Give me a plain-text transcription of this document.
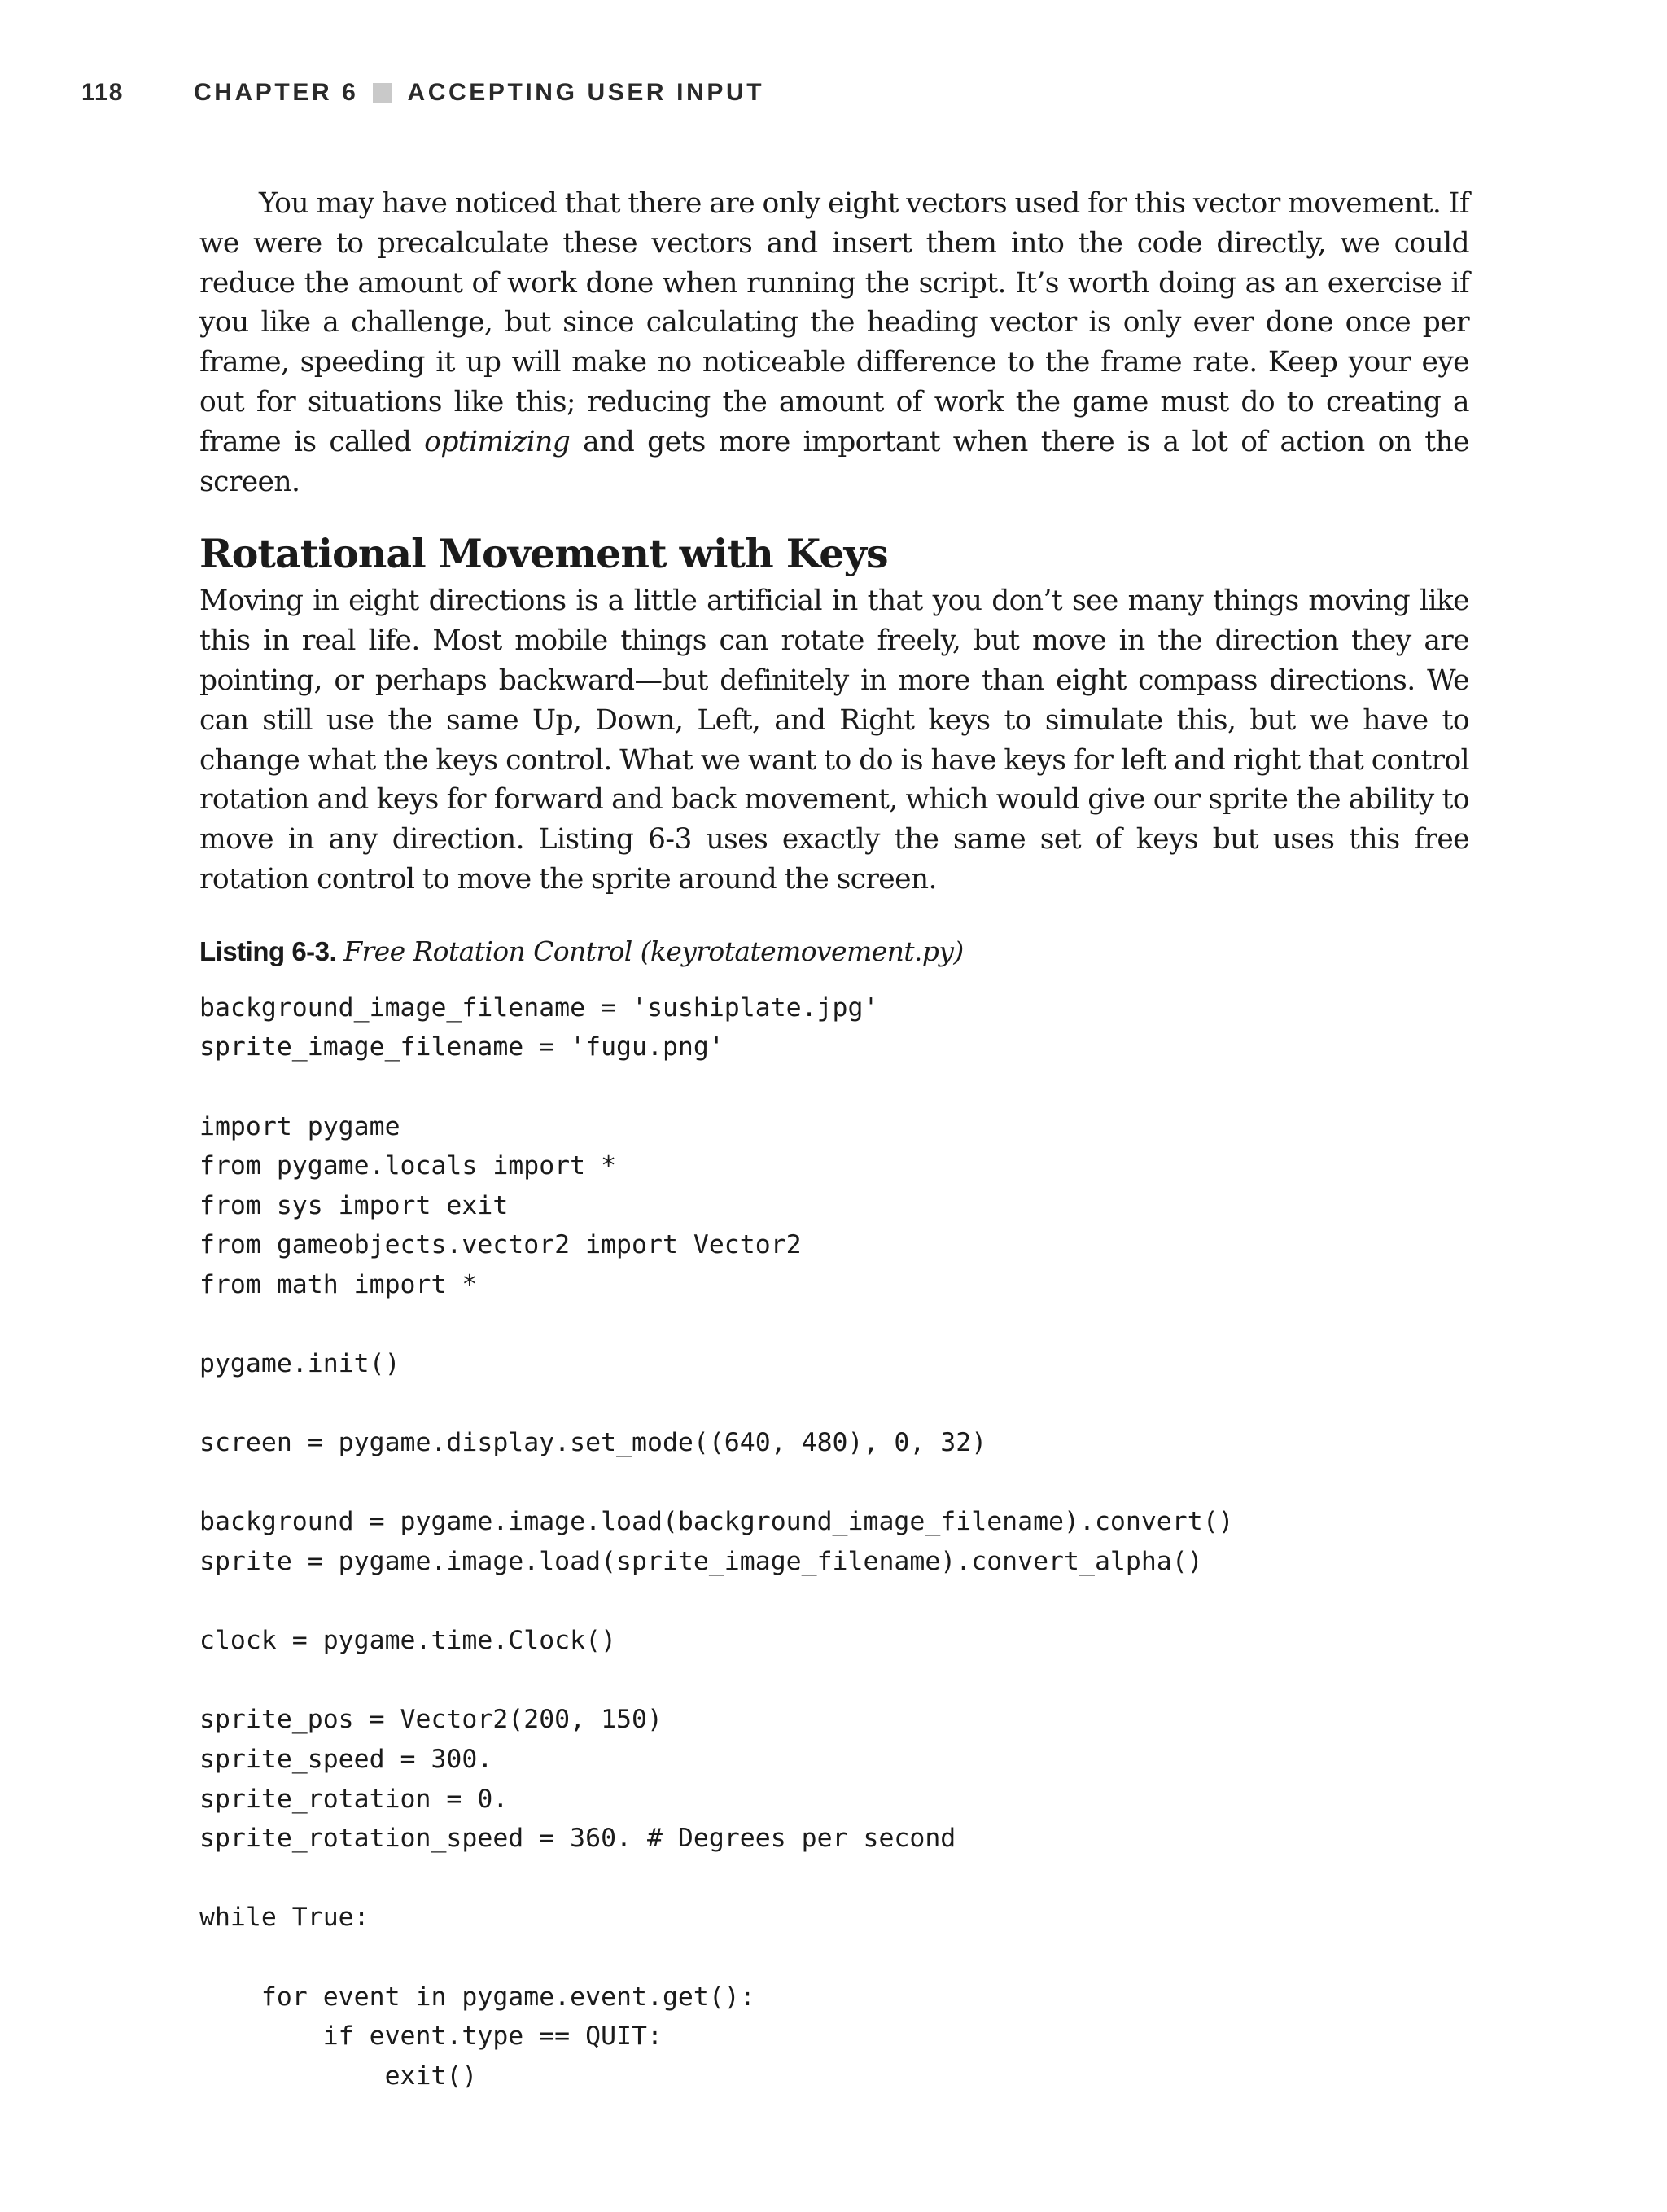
118	CHAPTER 6 ACCEPTING USER INPUT

You may have noticed that there are only eight vectors used for this vector movement. If we were to precalculate these vectors and insert them into the code directly, we could reduce the amount of work done when running the script. It’s worth doing as an exercise if you like a challenge, but since calculating the heading vector is only ever done once per frame, speeding it up will make no noticeable difference to the frame rate. Keep your eye out for situations like this; reducing the amount of work the game must do to creating a frame is called optimizing and gets more important when there is a lot of action on the screen.

Rotational Movement with Keys

Moving in eight directions is a little artificial in that you don’t see many things moving like this in real life. Most mobile things can rotate freely, but move in the direction they are pointing, or perhaps backward—but definitely in more than eight compass directions. We can still use the same Up, Down, Left, and Right keys to simulate this, but we have to change what the keys control. What we want to do is have keys for left and right that control rotation and keys for forward and back movement, which would give our sprite the ability to move in any direction. Listing 6-3 uses exactly the same set of keys but uses this free rotation control to move the sprite around the screen.

Listing 6-3. Free Rotation Control (keyrotatemovement.py)

background_image_filename = 'sushiplate.jpg'
sprite_image_filename = 'fugu.png'
import pygame
from pygame.locals import *
from sys import exit
from gameobjects.vector2 import Vector2
from math import *
pygame.init()
screen = pygame.display.set_mode((640, 480), 0, 32)
background = pygame.image.load(background_image_filename).convert()
sprite = pygame.image.load(sprite_image_filename).convert_alpha()
clock = pygame.time.Clock()
sprite_pos = Vector2(200, 150)
sprite_speed = 300.
sprite_rotation = 0.
sprite_rotation_speed = 360. # Degrees per second
while True:
for event in pygame.event.get():
if event.type == QUIT:
exit()
